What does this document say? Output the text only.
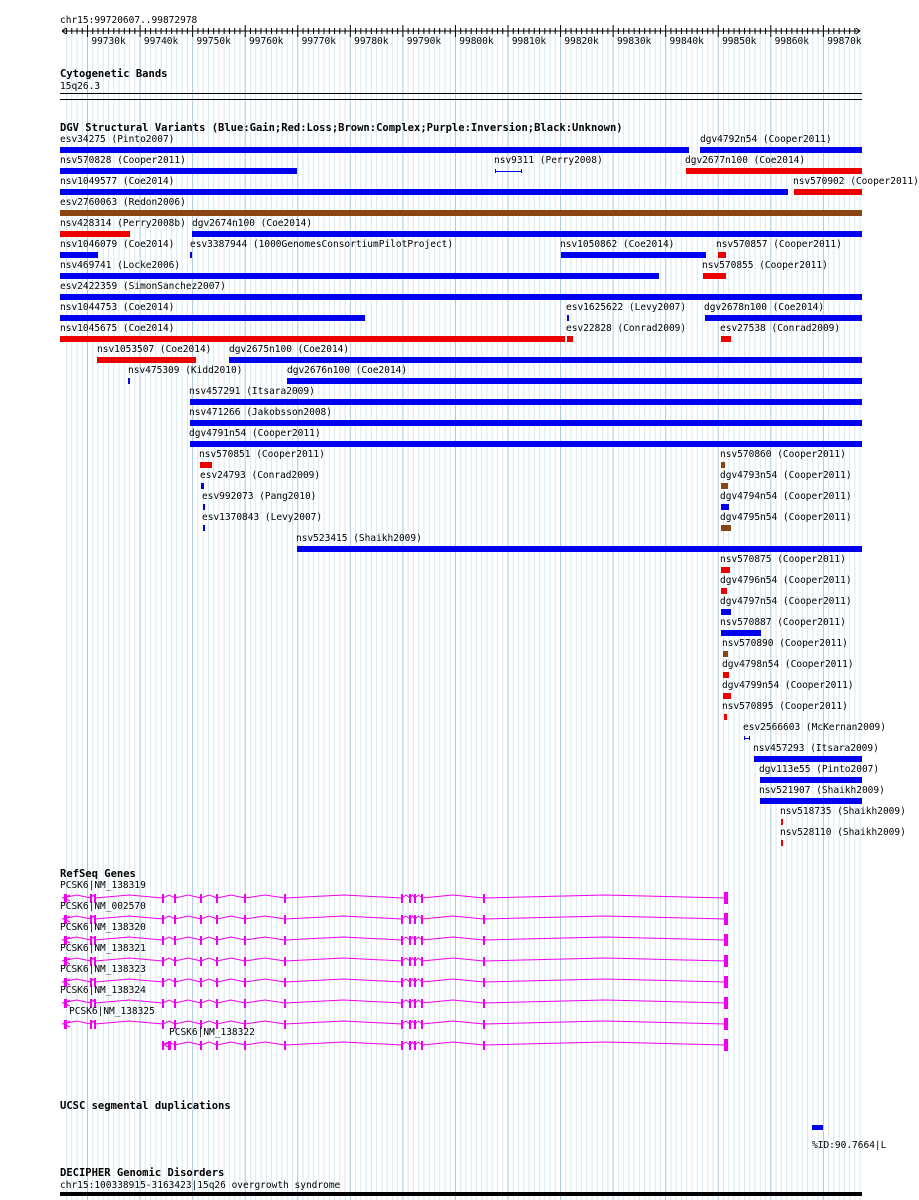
chr15:99720607..99872978
99730k 99740k 99750k 99760k 99770k 99780k 99790k 99800k 99810k 99820k 99830k 99840k 99850k 99860k 99870k
Cytogenetic Bands
15q26.3
DGV Structural Variants (Blue:Gain;Red:Loss;Brown:Complex;Purple:Inversion;Black:Unknown)
esv34275 (Pinto2007)	dgv4792n54 (Cooper2011)
nsv570828 (Cooper2011)	nsv9311 (Perry2008)	dgv2677n100 (Coe2014)
nsv1049577 (Coe2014)	nsv570902 (Cooper2011)
esv2760063 (Redon2006)
nsv428314 (Perry2008b) dgv2674n100 (Coe2014)
nsv1046079 (Coe2014) esv3387944 (1000GenomesConsortiumPilotProject)	nsv1050862 (Coe2014)	nsv570857 (Cooper2011)
nsv469741 (Locke2006)	nsv570855 (Cooper2011)
esv2422359 (SimonSanchez2007)
nsv1044753 (Coe2014)	esv1625622 (Levy2007) dgv2678n100 (Coe2014)
nsv1045675 (Coe2014)	esv22828 (Conrad2009)	esv27538 (Conrad2009)
nsv1053507 (Coe2014) dgv2675n100 (Coe2014)
nsv475309 (Kidd2010)	dgv2676n100 (Coe2014)
nsv457291 (Itsara2009)
nsv471266 (Jakobsson2008)
dgv4791n54 (Cooper2011)
nsv570851 (Cooper2011)	nsv570860 (Cooper2011)
esv24793 (Conrad2009)	dgv4793n54 (Cooper2011)
esv992073 (Pang2010)	dgv4794n54 (Cooper2011)
esv1370843 (Levy2007)	dgv4795n54 (Cooper2011)
nsv523415 (Shaikh2009)
nsv570875 (Cooper2011)
dgv4796n54 (Cooper2011)
dgv4797n54 (Cooper2011)
nsv570887 (Cooper2011)
nsv570890 (Cooper2011)
dgv4798n54 (Cooper2011)
dgv4799n54 (Cooper2011)
nsv570895 (Cooper2011)
esv2566603 (McKernan2009)
nsv457293 (Itsara2009)
dgv113e55 (Pinto2007)
nsv521907 (Shaikh2009)
nsv518735 (Shaikh2009)
nsv528110 (Shaikh2009)
RefSeq Genes
PCSK6|NM_138319
PCSK6|NM_002570
PCSK6|NM_138320
PCSK6|NM_138321
PCSK6|NM_138323
PCSK6|NM_138324
PCSK6|NM_138325
PCSK6|NM_138322
UCSC segmental duplications
%ID:90.7664|L
DECIPHER Genomic Disorders
chr15:100338915-3163423|15q26 overgrowth syndrome
